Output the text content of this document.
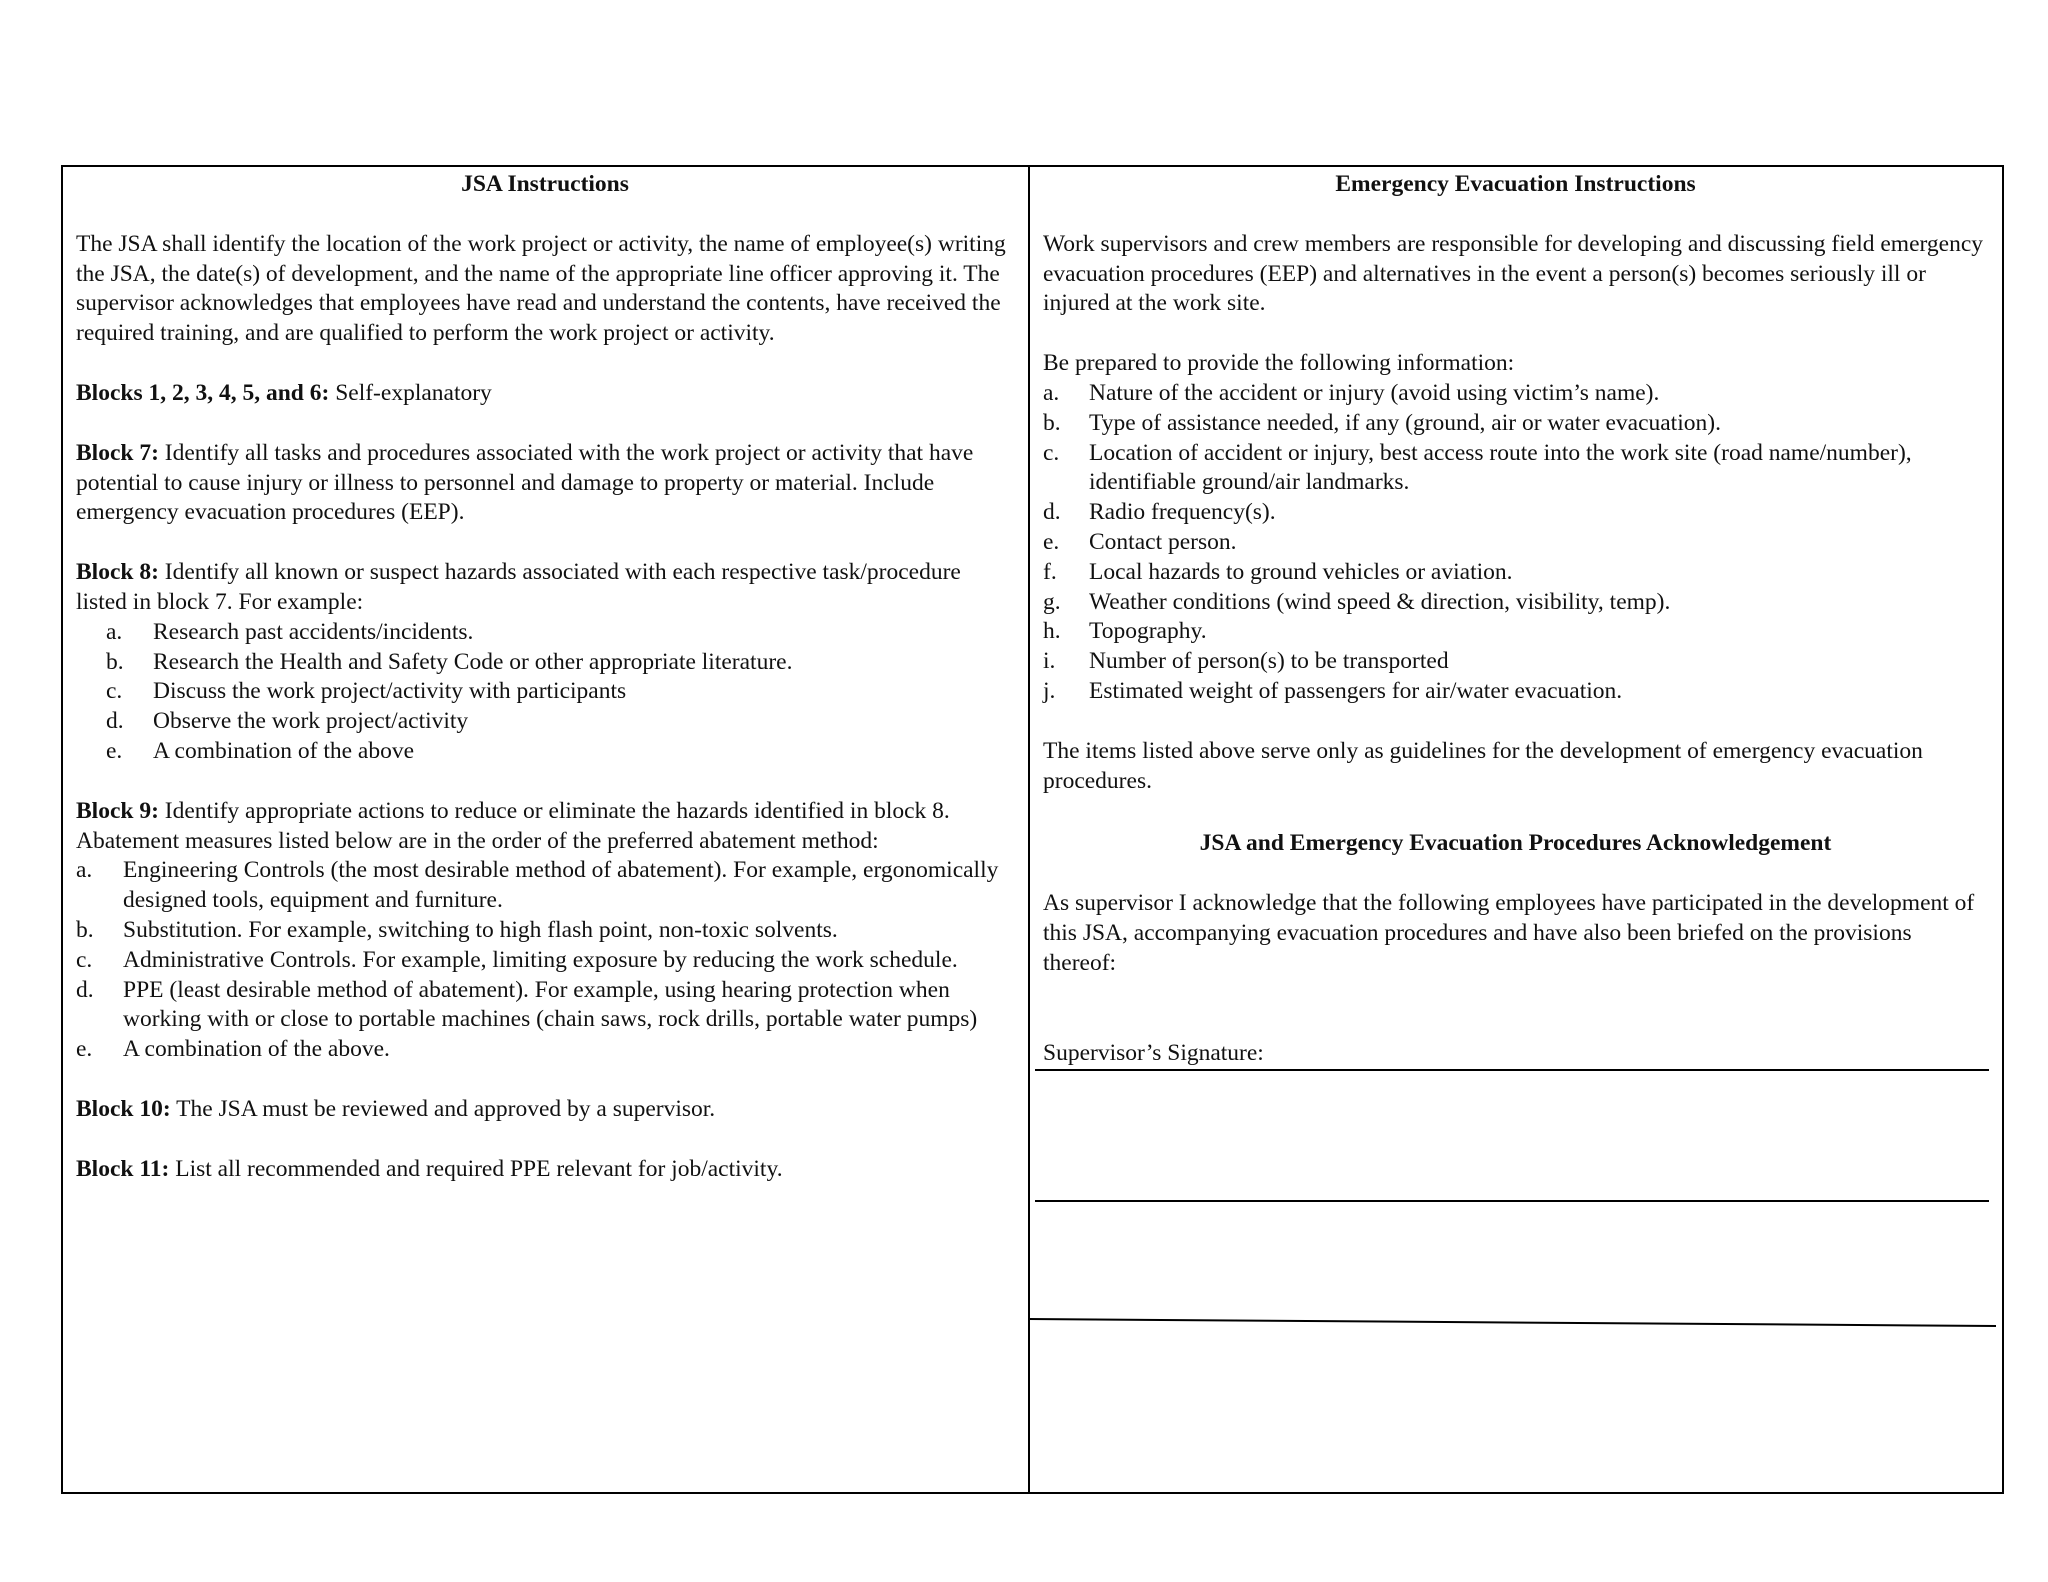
JSA Instructions

The JSA shall identify the location of the work project or activity, the name of employee(s) writing the JSA, the date(s) of development, and the name of the appropriate line officer approving it. The supervisor acknowledges that employees have read and understand the contents, have received the required training, and are qualified to perform the work project or activity.

Blocks 1, 2, 3, 4, 5, and 6: Self-explanatory

Block 7: Identify all tasks and procedures associated with the work project or activity that have potential to cause injury or illness to personnel and damage to property or material. Include emergency evacuation procedures (EEP).

Block 8: Identify all known or suspect hazards associated with each respective task/procedure listed in block 7. For example:

a.	Research past accidents/incidents.
b.	Research the Health and Safety Code or other appropriate literature.
c.	Discuss the work project/activity with participants
d.	Observe the work project/activity
e.	A combination of the above

Block 9: Identify appropriate actions to reduce or eliminate the hazards identified in block 8. Abatement measures listed below are in the order of the preferred abatement method:

a.	Engineering Controls (the most desirable method of abatement). For example, ergonomically designed tools, equipment and furniture.
b.	Substitution. For example, switching to high flash point, non-toxic solvents.
c.	Administrative Controls. For example, limiting exposure by reducing the work schedule.
d.	PPE (least desirable method of abatement). For example, using hearing protection when working with or close to portable machines (chain saws, rock drills, portable water pumps)
e.	A combination of the above.

Block 10: The JSA must be reviewed and approved by a supervisor.

Block 11: List all recommended and required PPE relevant for job/activity.

Emergency Evacuation Instructions

Work supervisors and crew members are responsible for developing and discussing field emergency evacuation procedures (EEP) and alternatives in the event a person(s) becomes seriously ill or injured at the work site.

Be prepared to provide the following information:

a.	Nature of the accident or injury (avoid using victim’s name).
b.	Type of assistance needed, if any (ground, air or water evacuation).
c.	Location of accident or injury, best access route into the work site (road name/number), identifiable ground/air landmarks.
d.	Radio frequency(s).
e.	Contact person.
f.	Local hazards to ground vehicles or aviation.
g.	Weather conditions (wind speed & direction, visibility, temp).
h.	Topography.
i.	Number of person(s) to be transported
j.	Estimated weight of passengers for air/water evacuation.

The items listed above serve only as guidelines for the development of emergency evacuation procedures.

JSA and Emergency Evacuation Procedures Acknowledgement

As supervisor I acknowledge that the following employees have participated in the development of this JSA, accompanying evacuation procedures and have also been briefed on the provisions thereof:

Supervisor’s Signature:
